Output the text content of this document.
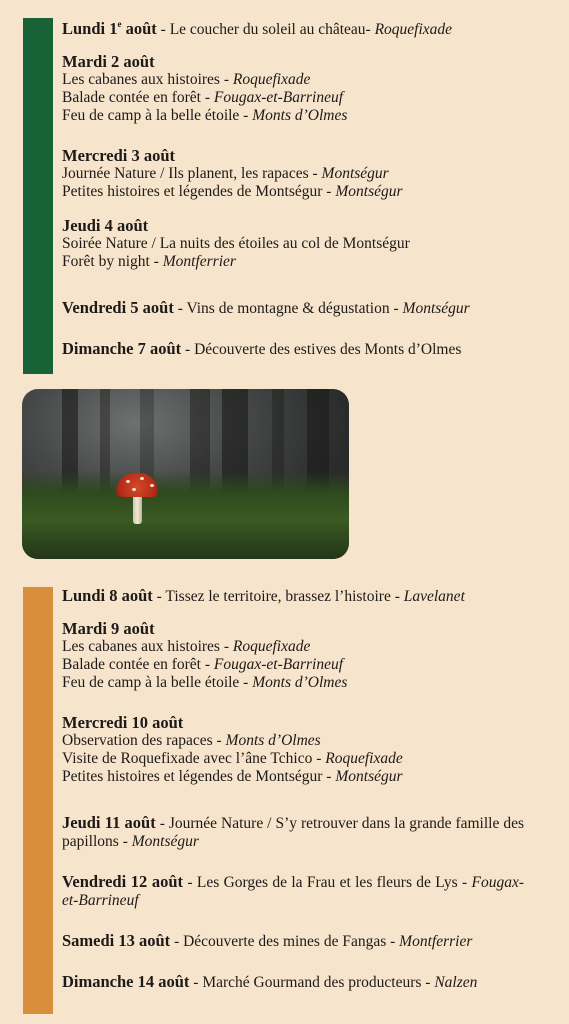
Lundi 1e août - Le coucher du soleil au château- Roquefixade
Mardi 2 août
Les cabanes aux histoires - Roquefixade
Balade contée en forêt - Fougax-et-Barrineuf
Feu de camp à la belle étoile - Monts d’Olmes
Mercredi 3 août
Journée Nature / Ils planent, les rapaces - Montségur
Petites histoires et légendes de Montségur - Montségur
Jeudi 4 août
Soirée Nature / La nuits des étoiles au col de Montségur
Forêt by night - Montferrier
Vendredi 5 août - Vins de montagne & dégustation - Montségur
Dimanche 7 août - Découverte des estives des Monts d’Olmes
Lundi 8 août - Tissez le territoire, brassez l’histoire - Lavelanet
Mardi 9 août
Les cabanes aux histoires - Roquefixade
Balade contée en forêt - Fougax-et-Barrineuf
Feu de camp à la belle étoile - Monts d’Olmes
Mercredi 10 août
Observation des rapaces - Monts d’Olmes
Visite de Roquefixade avec l’âne Tchico - Roquefixade
Petites histoires et légendes de Montségur - Montségur
Jeudi 11 août - Journée Nature / S’y retrouver dans la grande famille des papillons - Montségur
Vendredi 12 août - Les Gorges de la Frau et les fleurs de Lys - Fougax-et-Barrineuf
Samedi 13 août - Découverte des mines de Fangas - Montferrier
Dimanche 14 août - Marché Gourmand des producteurs - Nalzen
